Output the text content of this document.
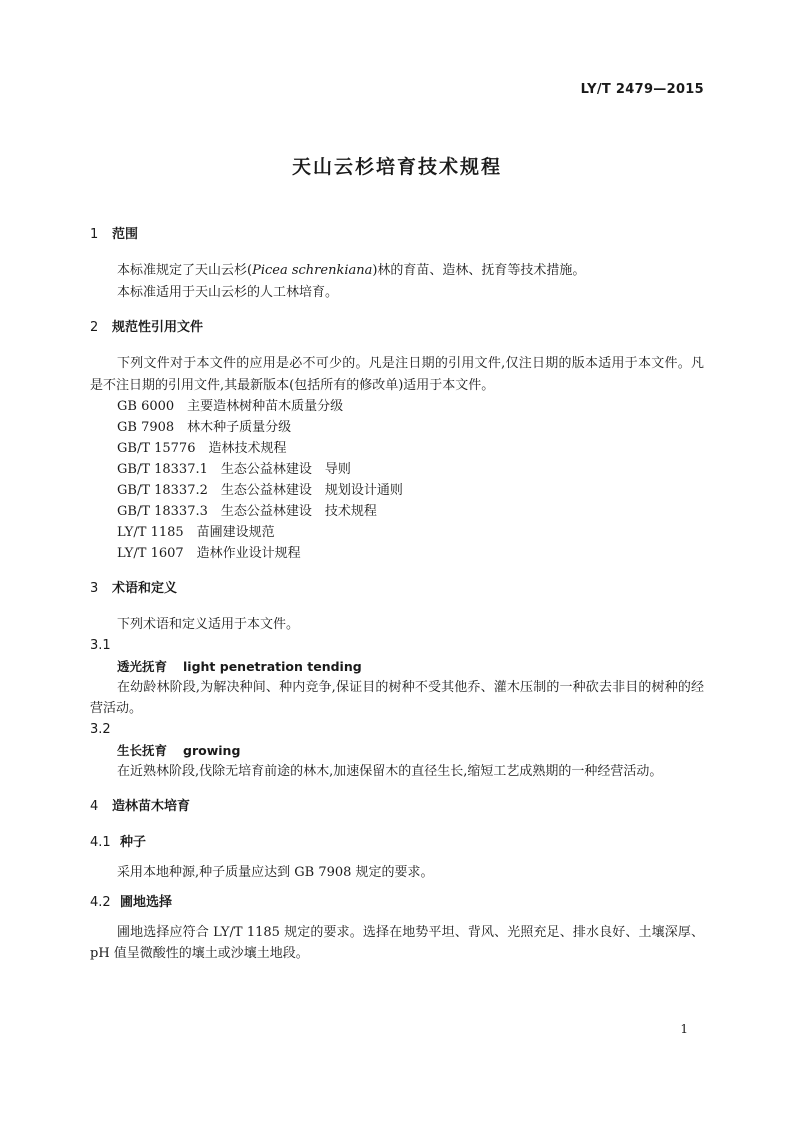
LY/T 2479—2015
天山云杉培育技术规程
1 范围

本标准规定了天山云杉(Picea schrenkiana)林的育苗、造林、抚育等技术措施。

本标准适用于天山云杉的人工林培育。

2 规范性引用文件

下列文件对于本文件的应用是必不可少的。凡是注日期的引用文件,仅注日期的版本适用于本文件。凡是不注日期的引用文件,其最新版本(包括所有的修改单)适用于本文件。

GB 6000　 主要造林树种苗木质量分级

GB 7908　 林木种子质量分级

GB/T 15776　 造林技术规程

GB/T 18337.1　 生态公益林建设　导则

GB/T 18337.2　 生态公益林建设　规划设计通则

GB/T 18337.3　 生态公益林建设　技术规程

LY/T 1185　 苗圃建设规范

LY/T 1607　 造林作业设计规程

3 术语和定义

下列术语和定义适用于本文件。

3.1

透光抚育 light penetration tending

在幼龄林阶段,为解决种间、种内竞争,保证目的树种不受其他乔、灌木压制的一种砍去非目的树种的经营活动。

3.2

生长抚育 growing

在近熟林阶段,伐除无培育前途的林木,加速保留木的直径生长,缩短工艺成熟期的一种经营活动。

4 造林苗木培育
4.1 种子

采用本地种源,种子质量应达到 GB 7908 规定的要求。

4.2 圃地选择

圃地选择应符合 LY/T 1185 规定的要求。选择在地势平坦、背风、光照充足、排水良好、土壤深厚、pH 值呈微酸性的壤土或沙壤土地段。

1
